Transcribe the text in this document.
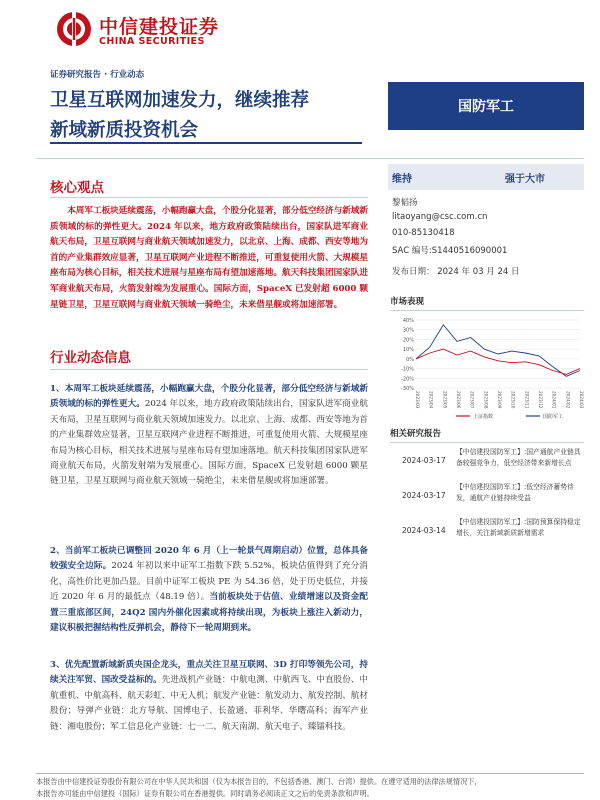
中信建投证券
CHINA SECURITIES
证券研究报告 · 行业动态
卫星互联网加速发力，继续推荐
新域新质投资机会
国防军工
核心观点
本周军工板块延续震荡，小幅跑赢大盘，个股分化显著，部分低空经济与新域新质领域的标的弹性更大。2024 年以来，地方政府政策陆续出台，国家队进军商业航天布局，卫星互联网与商业航天领域加速发力，以北京、上海、成都、西安等地为首的产业集群效应显著，卫星互联网产业进程不断推进，可重复使用火箭、大规模星座布局为核心目标，相关技术进展与星座布局有望加速落地。航天科技集团国家队进军商业航天布局，火箭发射端为发展重心。国际方面，SpaceX 已发射超 6000 颗星链卫星，卫星互联网与商业航天领域一骑绝尘，未来借星舰或将加速部署。
行业动态信息
1、本周军工板块延续震荡，小幅跑赢大盘，个股分化显著，部分低空经济与新域新质领域的标的弹性更大。2024 年以来，地方政府政策陆续出台，国家队进军商业航天布局，卫星互联网与商业航天领域加速发力。以北京、上海、成都、西安等地为首的产业集群效应显著，卫星互联网产业进程不断推进，可重复使用火箭、大规模星座布局为核心目标，相关技术进展与星座布局有望加速落地。航天科技集团国家队进军商业航天布局，火箭发射端为发展重心。国际方面，SpaceX 已发射超 6000 颗星链卫星，卫星互联网与商业航天领域一骑绝尘，未来借星舰或将加速部署。
2、当前军工板块已调整回 2020 年 6 月（上一轮景气周期启动）位置，总体具备较强安全边际。2024 年初以来中证军工指数下跌 5.52%，板块估值得到了充分消化，高性价比更加凸显。目前中证军工板块 PE 为 54.36 倍，处于历史低位，并接近 2020 年 6 月的最低点（48.19 倍）。当前板块处于估值、业绩增速以及资金配置三重底部区间，24Q2 国内外催化因素或将持续出现，为板块上涨注入新动力，建议积极把握结构性反弹机会，静待下一轮周期到来。
3、优先配置新域新质央国企龙头，重点关注卫星互联网、3D 打印等领先公司，持续关注军贸、国改受益标的。先进战机产业链：中航电测、中航西飞、中直股份、中航重机、中航高科、航天彩虹、中无人机；航发产业链：航发动力、航发控制、航材股份；导弹产业链：北方导航、国博电子、长盈通、菲利华、华曙高科；海军产业链：湘电股份；军工信息化产业链：七一二、航天南湖、航天电子、臻镭科技。
维持	强于大市
黎韬扬
litaoyang@csc.com.cn
010-85130418
SAC 编号:S1440516090001
发布日期： 2024 年 03 月 24 日
市场表现
40%
30%
20%
10%
0%
-10%
-20%
-30%
2023/03 2023/04 2023/05 2023/06 2023/07 2023/08 2023/09 2023/10 2023/11 2023/12 2024/01 2024/02 2024/03
上证指数	国防军工
相关研究报告
2024-03-17
【中信建投国防军工】:国产通航产业链具备较强竞争力，低空经济带来新增长点
2024-03-17
【中信建投国防军工】:低空经济蓄势待发，通航产业链持续受益
2024-03-14
【中信建投国防军工】:国防预算保持稳定增长，关注新域新质新增需求
本报告由中信建投证券股份有限公司在中华人民共和国（仅为本报告目的，不包括香港、澳门、台湾）提供。在遵守适用的法律法规情况下，
本报告亦可能由中信建投（国际）证券有限公司在香港提供。同时请务必阅读正文之后的免责条款和声明。
